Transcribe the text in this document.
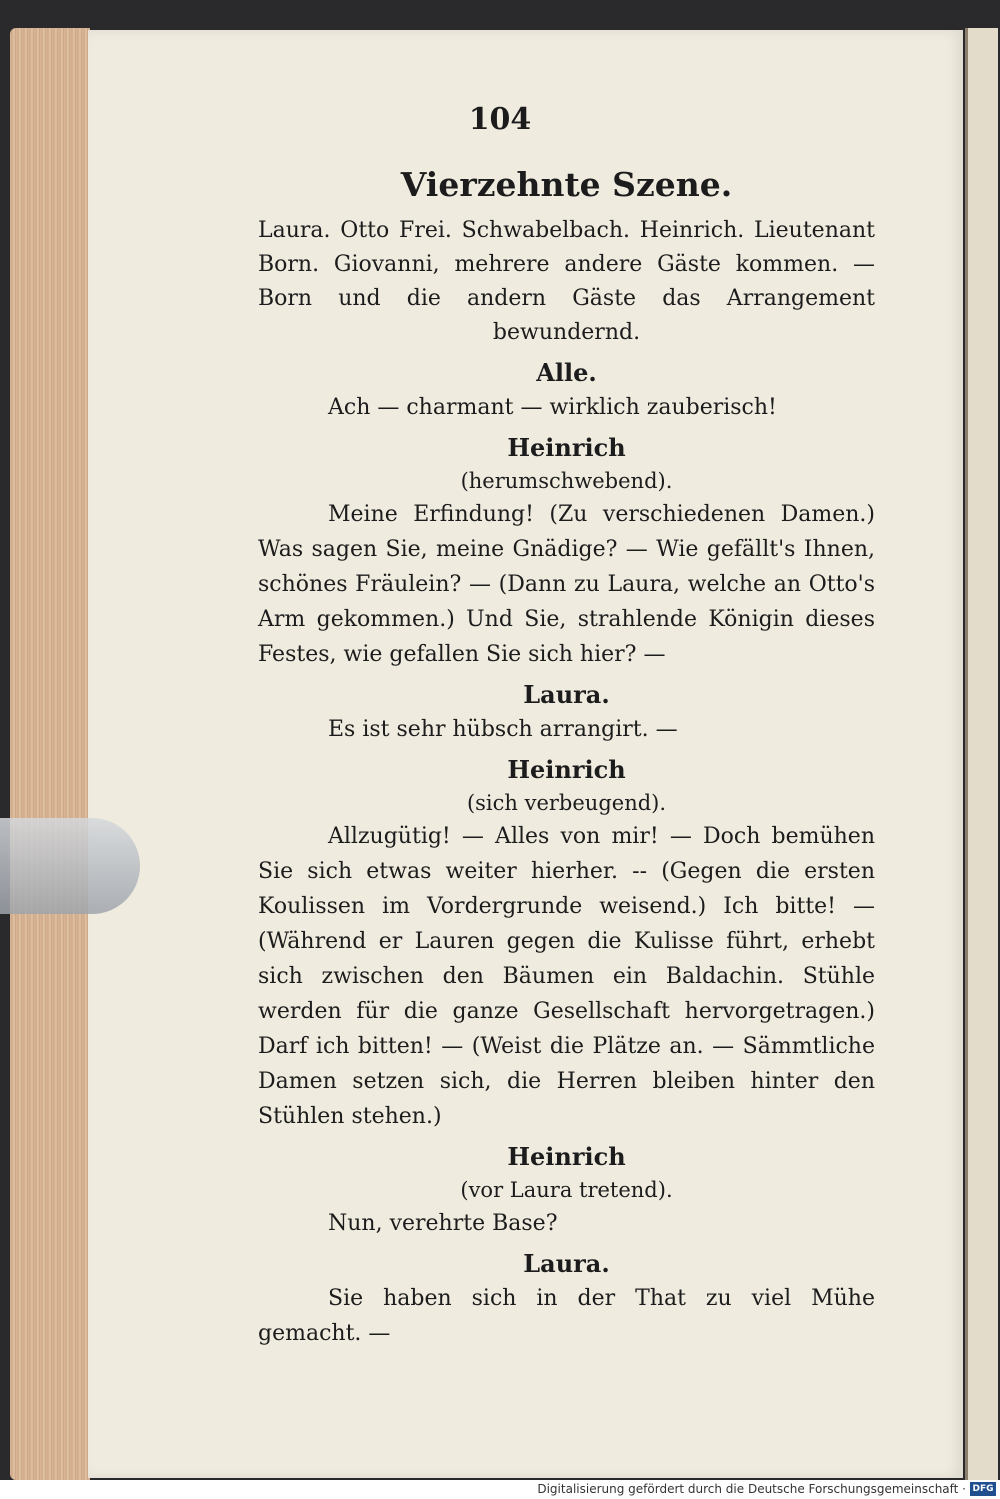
104
Vierzehnte Szene.
Laura. Otto Frei. Schwabelbach. Heinrich. Lieutenant Born. Giovanni, mehrere andere Gäste kommen. — Born und die andern Gäste das Arrangement bewundernd.
Alle.
Ach — charmant — wirklich zauberisch!
Heinrich
(herumschwebend).
Meine Erfindung! (Zu verschiedenen Damen.) Was sagen Sie, meine Gnädige? — Wie gefällt's Ihnen, schönes Fräulein? — (Dann zu Laura, welche an Otto's Arm gekommen.) Und Sie, strahlende Königin dieses Festes, wie gefallen Sie sich hier? —
Laura.
Es ist sehr hübsch arrangirt. —
Heinrich
(sich verbeugend).
Allzugütig! — Alles von mir! — Doch bemühen Sie sich etwas weiter hierher. -- (Gegen die ersten Koulissen im Vordergrunde weisend.) Ich bitte! — (Während er Lauren gegen die Kulisse führt, erhebt sich zwischen den Bäumen ein Baldachin. Stühle werden für die ganze Gesellschaft hervorgetragen.) Darf ich bitten! — (Weist die Plätze an. — Sämmtliche Damen setzen sich, die Herren bleiben hinter den Stühlen stehen.)
Heinrich
(vor Laura tretend).
Nun, verehrte Base?
Laura.
Sie haben sich in der That zu viel Mühe gemacht. —
Digitalisierung gefördert durch die Deutsche Forschungsgemeinschaft · DFG
